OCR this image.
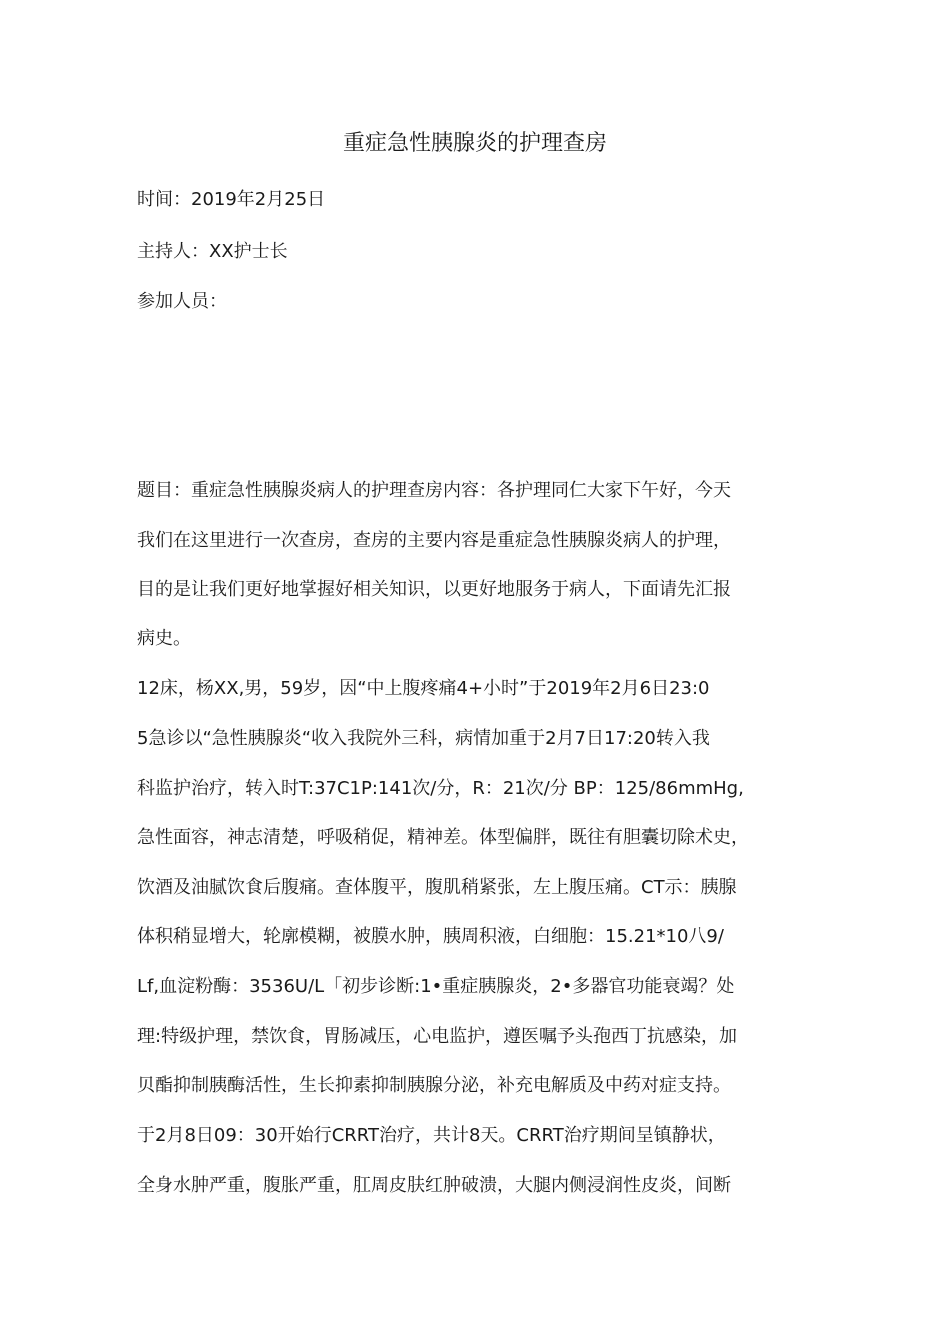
重症急性胰腺炎的护理查房
时间：2019年2月25日
主持人：XX护士长
参加人员：
题目：重症急性胰腺炎病人的护理查房内容：各护理同仁大家下午好，今天
我们在这里进行一次查房，查房的主要内容是重症急性胰腺炎病人的护理，
目的是让我们更好地掌握好相关知识，以更好地服务于病人，下面请先汇报
病史。
12床，杨XX,男，59岁，因“中上腹疼痛4+小时”于2019年2月6日23:0
5急诊以“急性胰腺炎“收入我院外三科，病情加重于2月7日17:20转入我
科监护治疗，转入时T:37C1P:141次/分，R：21次/分 BP：125/86mmHg,
急性面容，神志清楚，呼吸稍促，精神差。体型偏胖，既往有胆囊切除术史，
饮酒及油腻饮食后腹痛。查体腹平，腹肌稍紧张，左上腹压痛。CT示：胰腺
体积稍显增大，轮廓模糊，被膜水肿，胰周积液，白细胞：15.21*10八9/
Lf,血淀粉酶：3536U/L「初步诊断:1•重症胰腺炎，2•多器官功能衰竭？处
理:特级护理，禁饮食，胃肠减压，心电监护，遵医嘱予头孢西丁抗感染，加
贝酯抑制胰酶活性，生长抑素抑制胰腺分泌，补充电解质及中药对症支持。
于2月8日09：30开始行CRRT治疗，共计8天。CRRT治疗期间呈镇静状，
全身水肿严重，腹胀严重，肛周皮肤红肿破溃，大腿内侧浸润性皮炎，间断
